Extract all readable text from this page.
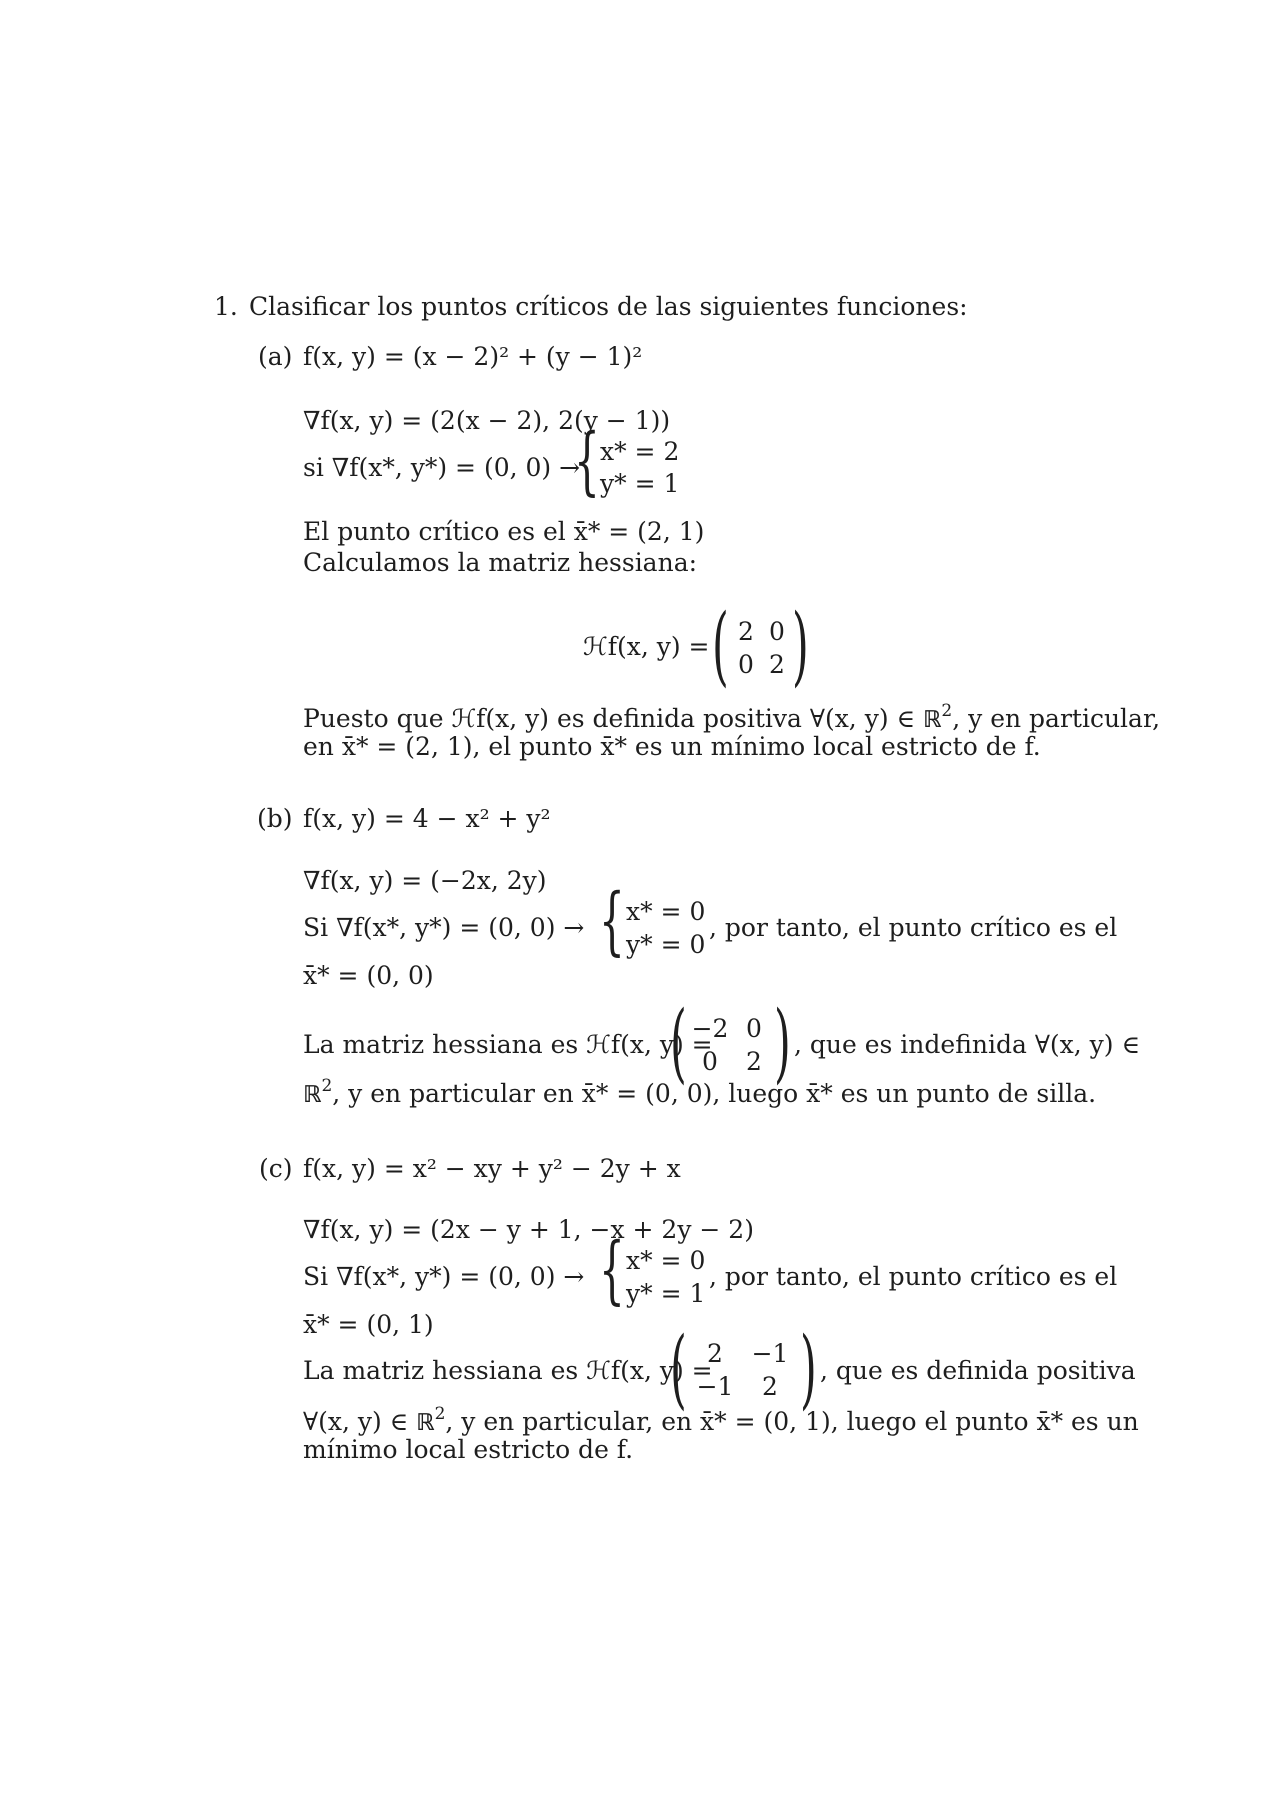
1. Clasificar los puntos críticos de las siguientes funciones:
(a) f(x, y) = (x − 2)² + (y − 1)²
∇f(x, y) = (2(x − 2), 2(y − 1))
si ∇f(x*, y*) = (0, 0) →
{ x* = 2
y* = 1
El punto crítico es el x̄* = (2, 1)
Calculamos la matriz hessiana:
ℋf(x, y) = ( 2 0
0 2 )
Puesto que ℋf(x, y) es definida positiva ∀(x, y) ∈ ℝ$^2$, y en particular,
en x̄* = (2, 1), el punto x̄* es un mínimo local estricto de f.
(b) f(x, y) = 4 − x² + y²
∇f(x, y) = (−2x, 2y)
Si ∇f(x*, y*) = (0, 0) → { x* = 0
y* = 0
, por tanto, el punto crítico es el
x̄* = (0, 0)
La matriz hessiana es ℋf(x, y) =
( −2 0
0	2 ) , que es indefinida ∀(x, y) ∈
ℝ$^2$, y en particular en x̄* = (0, 0), luego x̄* es un punto de silla.
(c) f(x, y) = x² − xy + y² − 2y + x
∇f(x, y) = (2x − y + 1, −x + 2y − 2)
Si ∇f(x*, y*) = (0, 0) → { x* = 0
y* = 1
, por tanto, el punto crítico es el
x̄* = (0, 1)
La matriz hessiana es ℋf(x, y) =
( 2	−1
−1	2 ) , que es definida positiva
∀(x, y) ∈ ℝ$^2$, y en particular, en x̄* = (0, 1), luego el punto x̄* es un
mínimo local estricto de f.
